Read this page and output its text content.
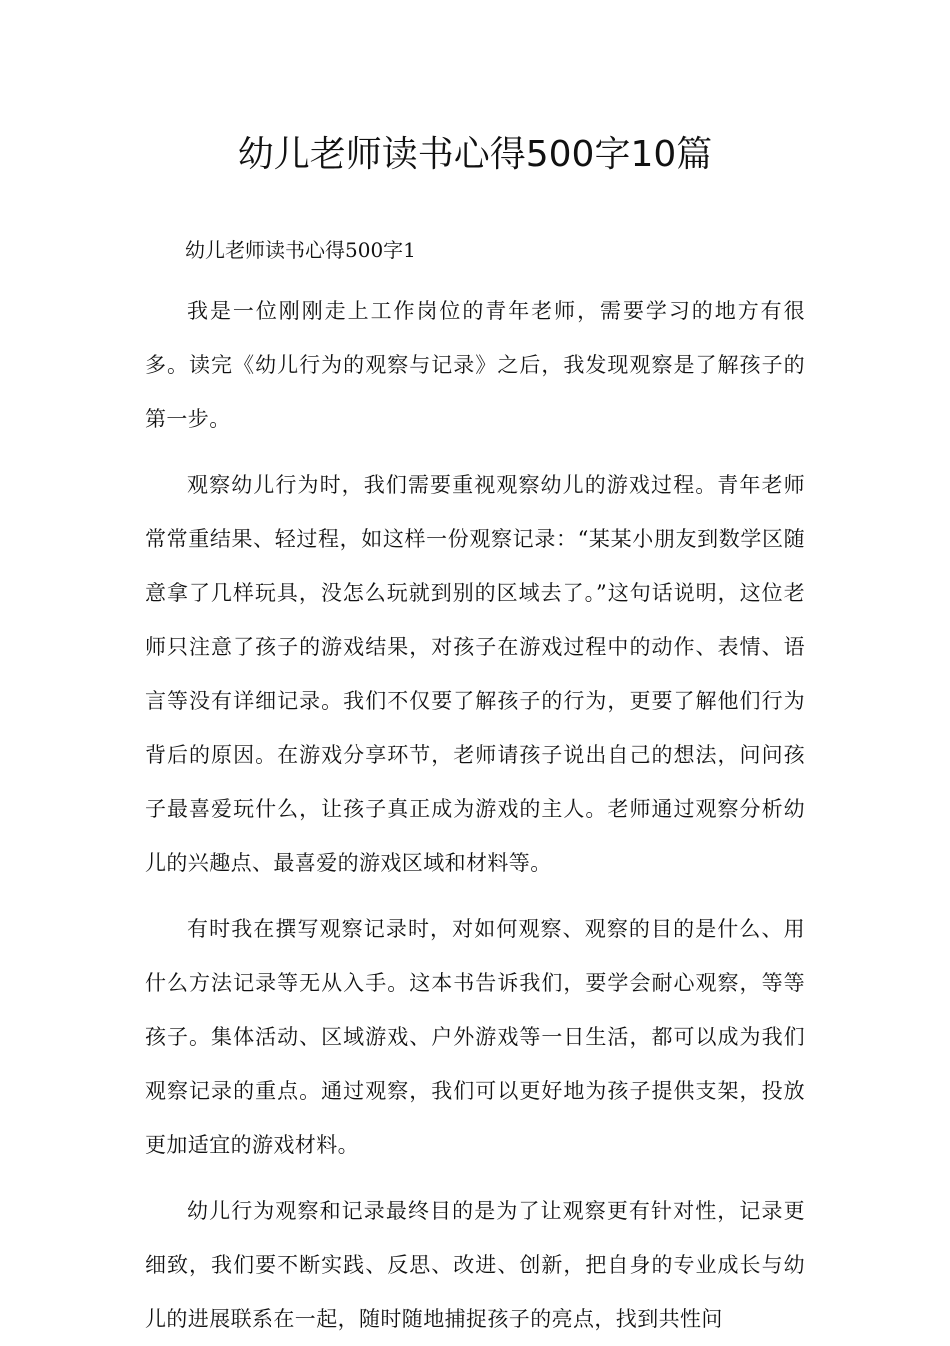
幼儿老师读书心得500字10篇

幼儿老师读书心得500字1

我是一位刚刚走上工作岗位的青年老师，需要学习的地方有很多。读完《幼儿行为的观察与记录》之后，我发现观察是了解孩子的第一步。

观察幼儿行为时，我们需要重视观察幼儿的游戏过程。青年老师常常重结果、轻过程，如这样一份观察记录：“某某小朋友到数学区随意拿了几样玩具，没怎么玩就到别的区域去了。”这句话说明，这位老师只注意了孩子的游戏结果，对孩子在游戏过程中的动作、表情、语言等没有详细记录。我们不仅要了解孩子的行为，更要了解他们行为背后的原因。在游戏分享环节，老师请孩子说出自己的想法，问问孩子最喜爱玩什么，让孩子真正成为游戏的主人。老师通过观察分析幼儿的兴趣点、最喜爱的游戏区域和材料等。

有时我在撰写观察记录时，对如何观察、观察的目的是什么、用什么方法记录等无从入手。这本书告诉我们，要学会耐心观察，等等孩子。集体活动、区域游戏、户外游戏等一日生活，都可以成为我们观察记录的重点。通过观察，我们可以更好地为孩子提供支架，投放更加适宜的游戏材料。

幼儿行为观察和记录最终目的是为了让观察更有针对性，记录更细致，我们要不断实践、反思、改进、创新，把自身的专业成长与幼儿的进展联系在一起，随时随地捕捉孩子的亮点，找到共性问
